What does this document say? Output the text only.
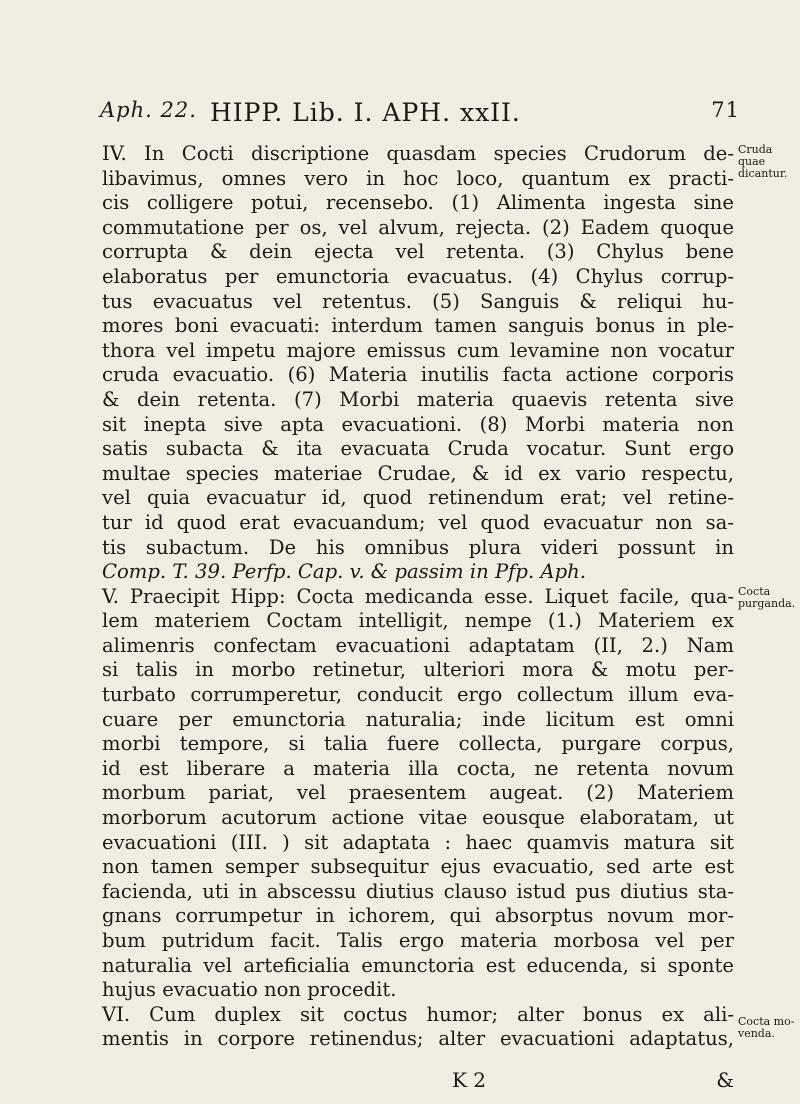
Aph. 22. HIPP. Lib. I. APH. xxII.	71
IV. In Cocti discriptione quasdam species Crudorum de-
libavimus, omnes vero in hoc loco, quantum ex practi-
cis colligere potui, recensebo. (1) Alimenta ingesta sine
commutatione per os, vel alvum, rejecta. (2) Eadem quoque
corrupta & dein ejecta vel retenta. (3) Chylus bene
elaboratus per emunctoria evacuatus. (4) Chylus corrup-
tus evacuatus vel retentus. (5) Sanguis & reliqui hu-
mores boni evacuati: interdum tamen sanguis bonus in ple-
thora vel impetu majore emissus cum levamine non vocatur
cruda evacuatio. (6) Materia inutilis facta actione corporis
& dein retenta. (7) Morbi materia quaevis retenta sive
sit inepta sive apta evacuationi. (8) Morbi materia non
satis subacta & ita evacuata Cruda vocatur. Sunt ergo
multae species materiae Crudae, & id ex vario respectu,
vel quia evacuatur id, quod retinendum erat; vel retine-
tur id quod erat evacuandum; vel quod evacuatur non sa-
tis subactum. De his omnibus plura videri possunt in
Comp. T. 39. Perfp. Cap. v. & passim in Pfp. Aph.
V. Praecipit Hipp: Cocta medicanda esse. Liquet facile, qua-
lem materiem Coctam intelligit, nempe (1.) Materiem ex
alimenris confectam evacuationi adaptatam (II, 2.) Nam
si talis in morbo retinetur, ulteriori mora & motu per-
turbato corrumperetur, conducit ergo collectum illum eva-
cuare per emunctoria naturalia; inde licitum est omni
morbi tempore, si talia fuere collecta, purgare corpus,
id est liberare a materia illa cocta, ne retenta novum
morbum pariat, vel praesentem augeat. (2) Materiem
morborum acutorum actione vitae eousque elaboratam, ut
evacuationi (III. ) sit adaptata : haec quamvis matura sit
non tamen semper subsequitur ejus evacuatio, sed arte est
facienda, uti in abscessu diutius clauso istud pus diutius sta-
gnans corrumpetur in ichorem, qui absorptus novum mor-
bum putridum facit. Talis ergo materia morbosa vel per
naturalia vel arteficialia emunctoria est educenda, si sponte
hujus evacuatio non procedit.
VI. Cum duplex sit coctus humor; alter bonus ex ali-
mentis in corpore retinendus; alter evacuationi adaptatus,
Cruda quae dicantur.
Cocta purganda.
Cocta mo- venda.
K 2	&
